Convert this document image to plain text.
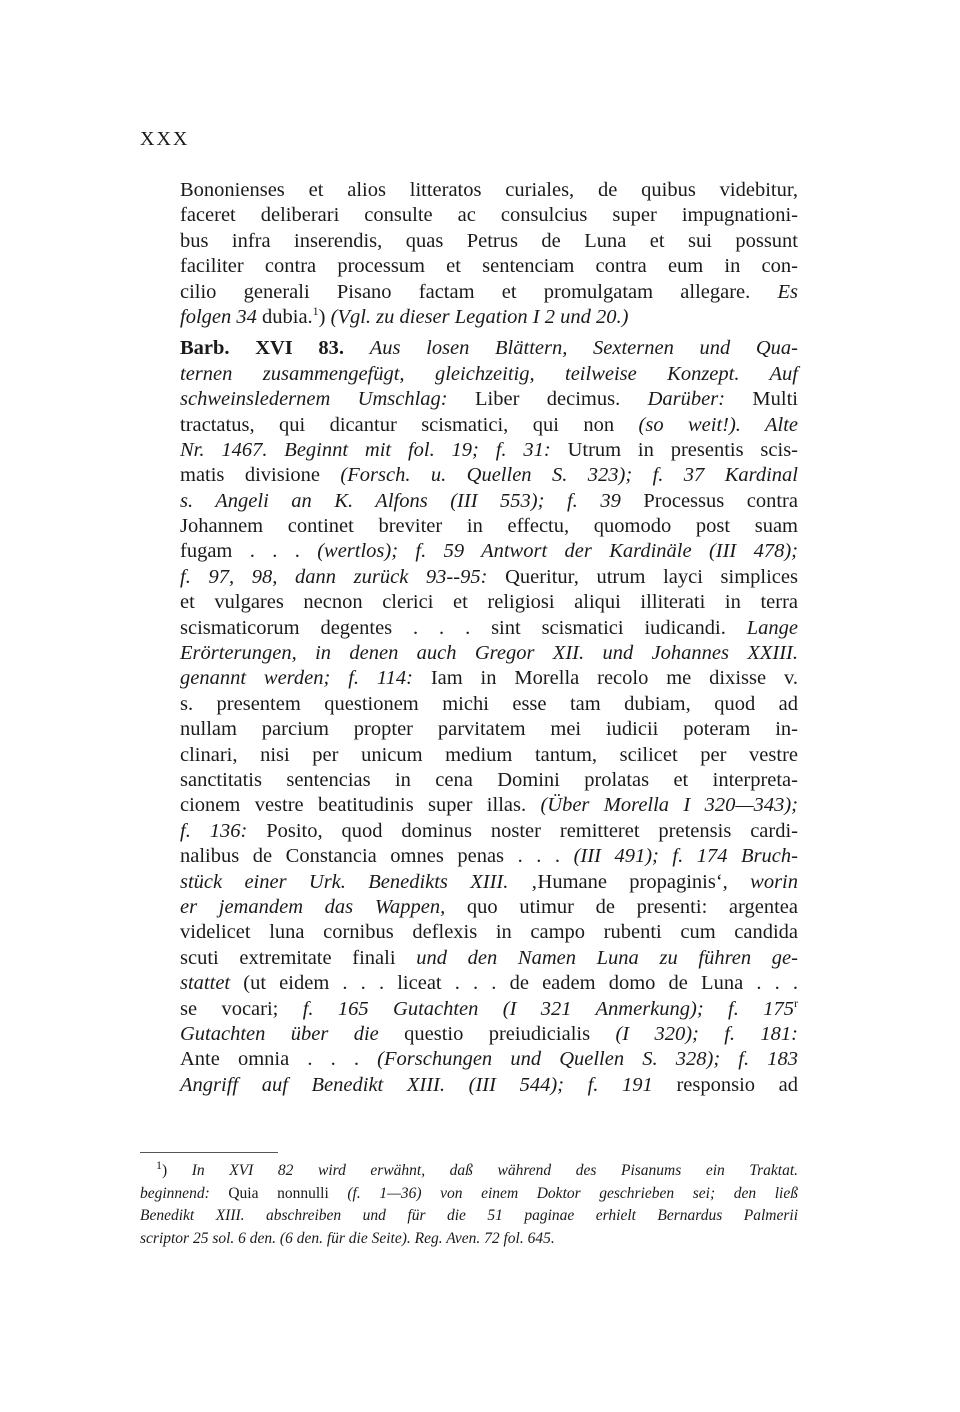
XXX
Bononienses et alios litteratos curiales, de quibus videbitur,
faceret deliberari consulte ac consulcius super impugnationi-
bus infra inserendis, quas Petrus de Luna et sui possunt
faciliter contra processum et sentenciam contra eum in con-
cilio generali Pisano factam et promulgatam allegare. Es
folgen 34 dubia.$^1$) (Vgl. zu dieser Legation I 2 und 20.)
Barb. XVI 83. Aus losen Blättern, Sexternen und Qua-
ternen zusammengefügt, gleichzeitig, teilweise Konzept. Auf
schweinsledernem Umschlag: Liber decimus. Darüber: Multi
tractatus, qui dicantur scismatici, qui non (so weit!). Alte
Nr. 1467. Beginnt mit fol. 19; f. 31: Utrum in presentis scis-
matis divisione (Forsch. u. Quellen S. 323); f. 37 Kardinal
s. Angeli an K. Alfons (III 553); f. 39 Processus contra
Johannem continet breviter in effectu, quomodo post suam
fugam . . . (wertlos); f. 59 Antwort der Kardinäle (III 478);
f. 97, 98, dann zurück 93--95: Queritur, utrum layci simplices
et vulgares necnon clerici et religiosi aliqui illiterati in terra
scismaticorum degentes . . . sint scismatici iudicandi. Lange
Erörterungen, in denen auch Gregor XII. und Johannes XXIII.
genannt werden; f. 114: Iam in Morella recolo me dixisse v.
s. presentem questionem michi esse tam dubiam, quod ad
nullam parcium propter parvitatem mei iudicii poteram in-
clinari, nisi per unicum medium tantum, scilicet per vestre
sanctitatis sentencias in cena Domini prolatas et interpreta-
cionem vestre beatitudinis super illas. (Über Morella I 320—343);
f. 136: Posito, quod dominus noster remitteret pretensis cardi-
nalibus de Constancia omnes penas . . . (III 491); f. 174 Bruch-
stück einer Urk. Benedikts XIII. ‚Humane propaginis‘, worin
er jemandem das Wappen, quo utimur de presenti: argentea
videlicet luna cornibus deflexis in campo rubenti cum candida
scuti extremitate finali und den Namen Luna zu führen ge-
stattet (ut eidem . . . liceat . . . de eadem domo de Luna . . .
se vocari; f. 165 Gutachten (I 321 Anmerkung); f. 175$^r$
Gutachten über die questio preiudicialis (I 320); f. 181:
Ante omnia . . . (Forschungen und Quellen S. 328); f. 183
Angriff auf Benedikt XIII. (III 544); f. 191 responsio ad
$^1$) In XVI 82 wird erwähnt, daß während des Pisanums ein Traktat.
beginnend: Quia nonnulli (f. 1—36) von einem Doktor geschrieben sei; den ließ
Benedikt XIII. abschreiben und für die 51 paginae erhielt Bernardus Palmerii
scriptor 25 sol. 6 den. (6 den. für die Seite). Reg. Aven. 72 fol. 645.
